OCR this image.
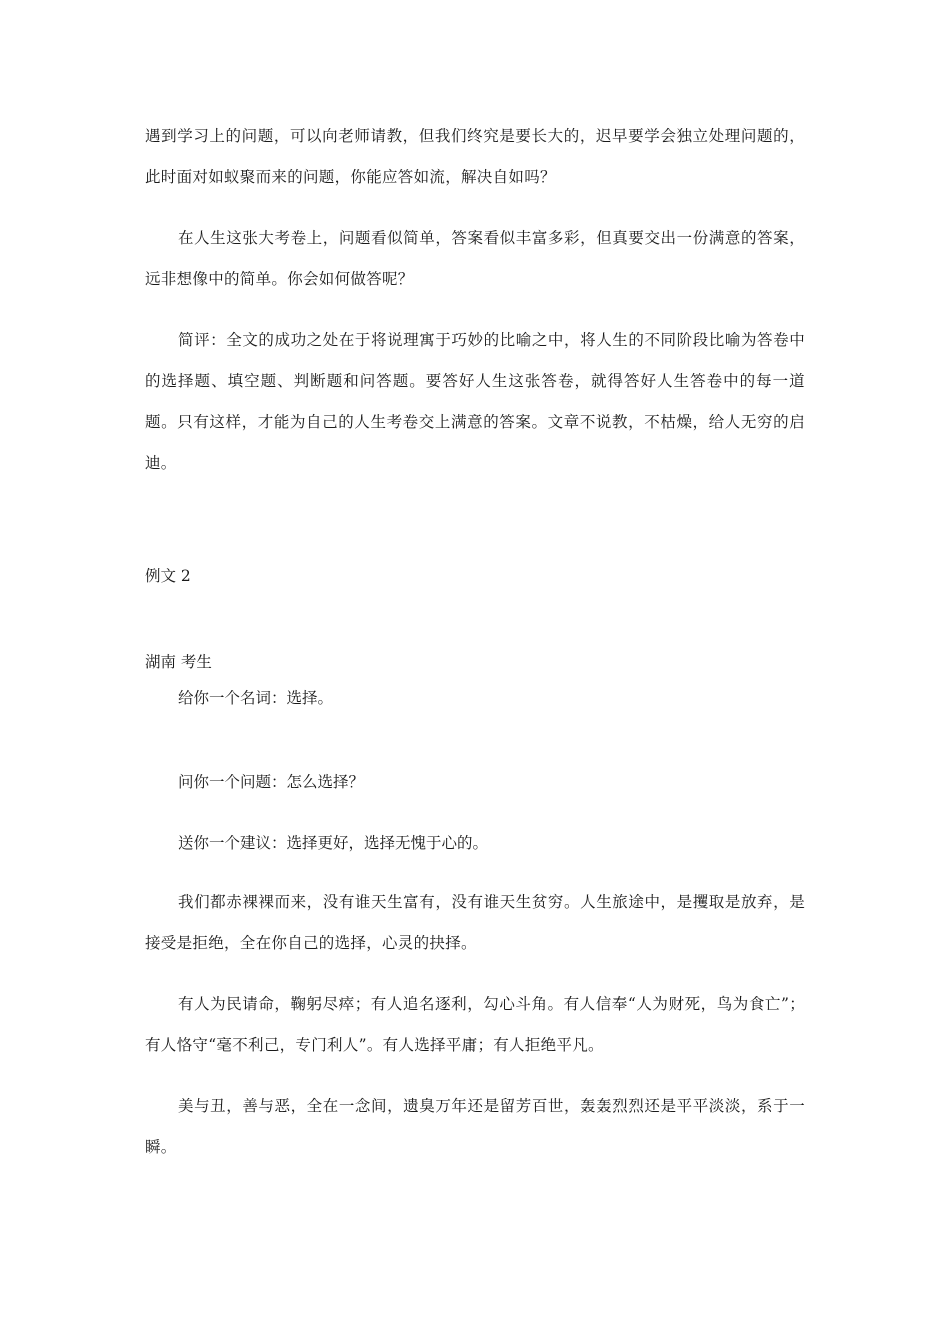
遇到学习上的问题，可以向老师请教，但我们终究是要长大的，迟早要学会独立处理问题的，此时面对如蚁聚而来的问题，你能应答如流，解决自如吗？

在人生这张大考卷上，问题看似简单，答案看似丰富多彩，但真要交出一份满意的答案，远非想像中的简单。你会如何做答呢？

简评：全文的成功之处在于将说理寓于巧妙的比喻之中，将人生的不同阶段比喻为答卷中的选择题、填空题、判断题和问答题。要答好人生这张答卷，就得答好人生答卷中的每一道题。只有这样，才能为自己的人生考卷交上满意的答案。文章不说教，不枯燥，给人无穷的启迪。

例文 2

湖南 考生

给你一个名词：选择。

问你一个问题：怎么选择？

送你一个建议：选择更好，选择无愧于心的。

我们都赤裸裸而来，没有谁天生富有，没有谁天生贫穷。人生旅途中，是攫取是放弃，是接受是拒绝，全在你自己的选择，心灵的抉择。

有人为民请命，鞠躬尽瘁；有人追名逐利，勾心斗角。有人信奉“人为财死，鸟为食亡”；有人恪守“毫不利己，专门利人”。有人选择平庸；有人拒绝平凡。

美与丑，善与恶，全在一念间，遗臭万年还是留芳百世，轰轰烈烈还是平平淡淡，系于一瞬。
